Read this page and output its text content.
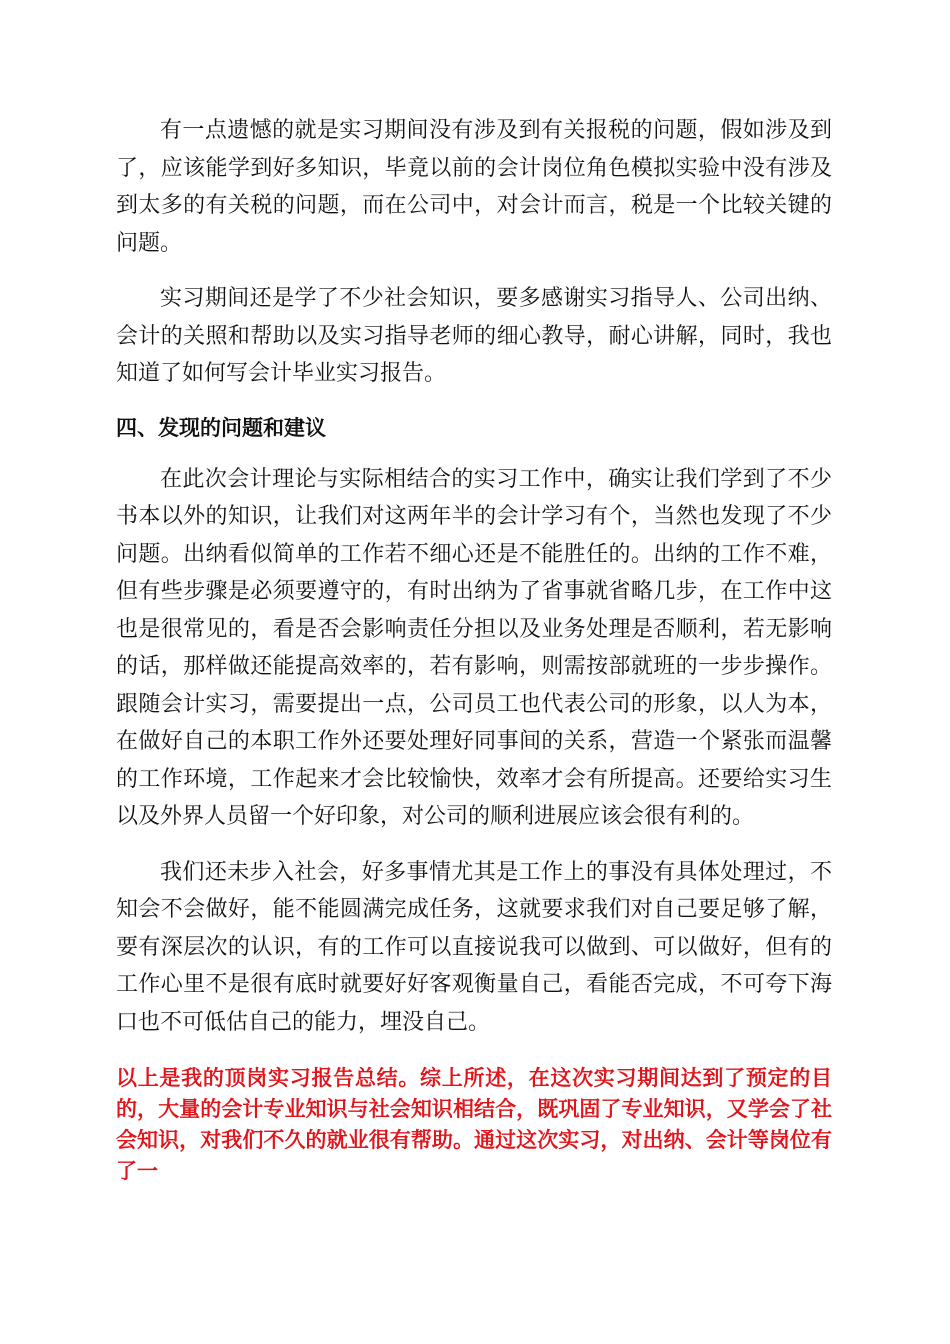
有一点遗憾的就是实习期间没有涉及到有关报税的问题，假如涉及到了，应该能学到好多知识，毕竟以前的会计岗位角色模拟实验中没有涉及到太多的有关税的问题，而在公司中，对会计而言，税是一个比较关键的问题。

实习期间还是学了不少社会知识，要多感谢实习指导人、公司出纳、会计的关照和帮助以及实习指导老师的细心教导，耐心讲解，同时，我也知道了如何写会计毕业实习报告。

四、发现的问题和建议

在此次会计理论与实际相结合的实习工作中，确实让我们学到了不少书本以外的知识，让我们对这两年半的会计学习有个，当然也发现了不少问题。出纳看似简单的工作若不细心还是不能胜任的。出纳的工作不难，但有些步骤是必须要遵守的，有时出纳为了省事就省略几步，在工作中这也是很常见的，看是否会影响责任分担以及业务处理是否顺利，若无影响的话，那样做还能提高效率的，若有影响，则需按部就班的一步步操作。跟随会计实习，需要提出一点，公司员工也代表公司的形象，以人为本，在做好自己的本职工作外还要处理好同事间的关系，营造一个紧张而温馨的工作环境，工作起来才会比较愉快，效率才会有所提高。还要给实习生以及外界人员留一个好印象，对公司的顺利进展应该会很有利的。

我们还未步入社会，好多事情尤其是工作上的事没有具体处理过，不知会不会做好，能不能圆满完成任务，这就要求我们对自己要足够了解，要有深层次的认识，有的工作可以直接说我可以做到、可以做好，但有的工作心里不是很有底时就要好好客观衡量自己，看能否完成，不可夸下海口也不可低估自己的能力，埋没自己。

以上是我的顶岗实习报告总结。综上所述，在这次实习期间达到了预定的目的，大量的会计专业知识与社会知识相结合，既巩固了专业知识，又学会了社会知识，对我们不久的就业很有帮助。通过这次实习，对出纳、会计等岗位有了一
